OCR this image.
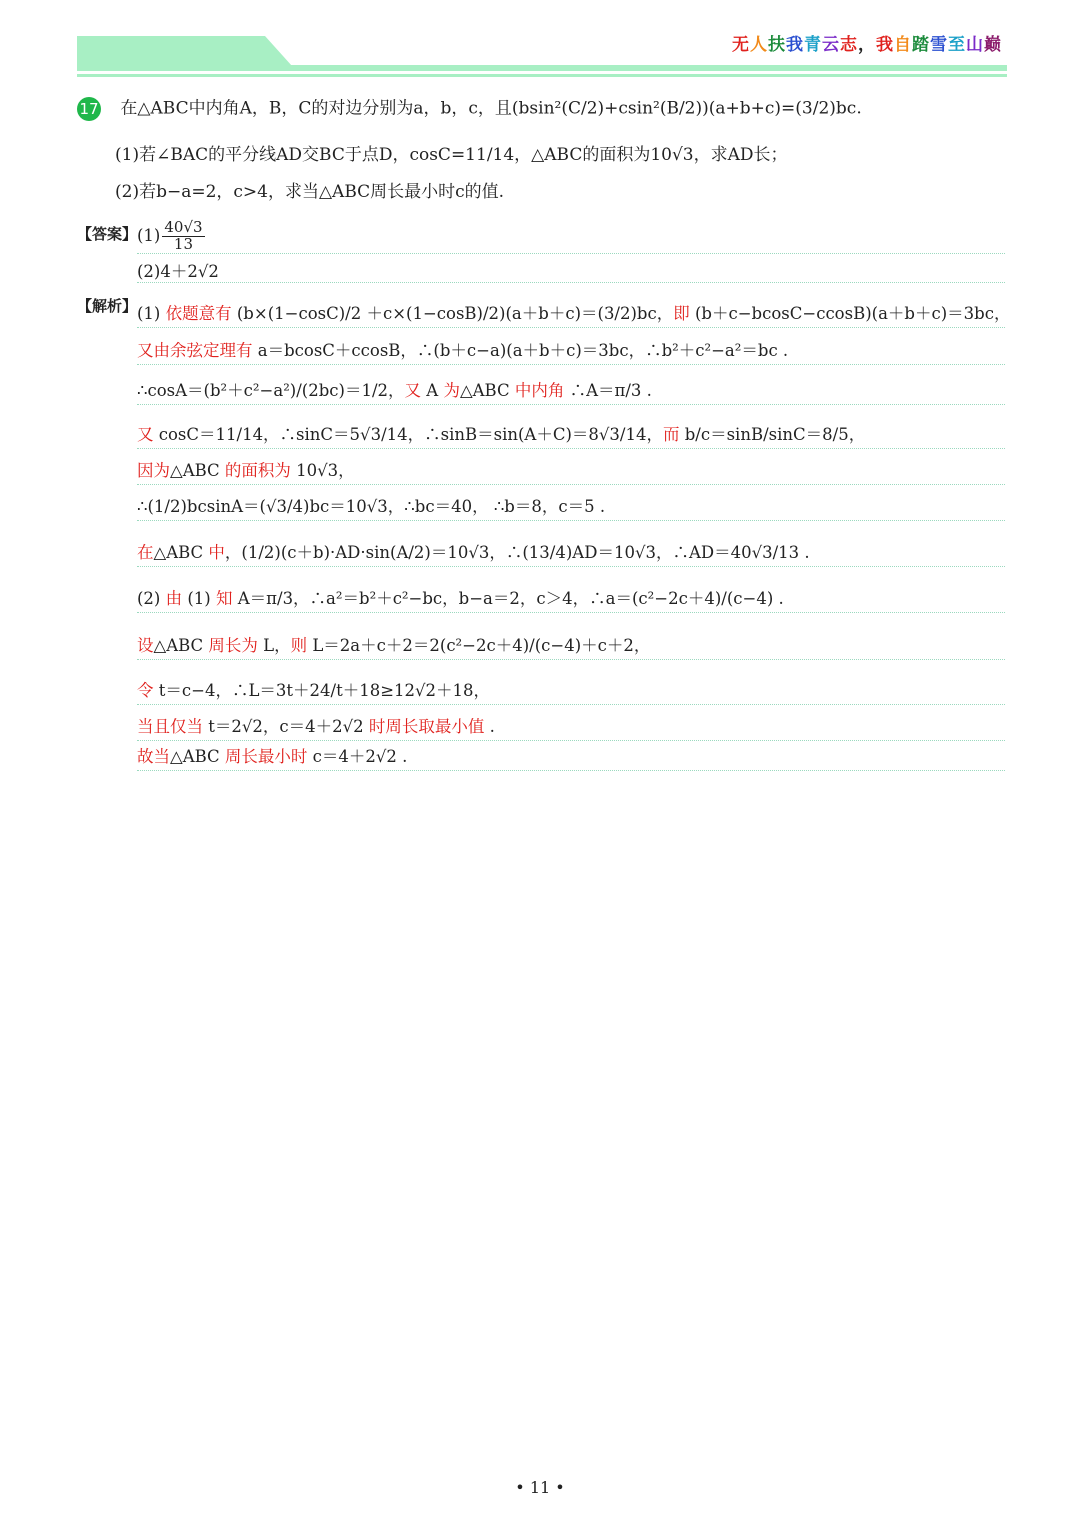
无人扶我青云志，我自踏雪至山巅
17 在△ABC中内角A，B，C的对边分别为a，b，c，且(bsin²(C/2)+csin²(B/2))(a+b+c)=(3/2)bc.
(1)若∠BAC的平分线AD交BC于点D，cosC=11/14，△ABC的面积为10√3，求AD长；
(2)若b−a=2，c>4，求当△ABC周长最小时c的值.
【答案】 $(1) \frac{40√3}{13}$
(2)4＋2√2
【解析】 (1) 依题意有 (b×(1−cosC)/2 ＋c×(1−cosB)/2)(a＋b＋c)＝(3/2)bc，即 (b＋c−bcosC−ccosB)(a＋b＋c)＝3bc，
又由余弦定理有 a＝bcosC＋ccosB，∴(b＋c−a)(a＋b＋c)＝3bc，∴b²＋c²−a²＝bc .
∴cosA＝(b²＋c²−a²)/(2bc)＝1/2，又 A 为△ABC 中内角 ∴A＝π/3 .
又 cosC＝11/14，∴sinC＝5√3/14，∴sinB＝sin(A＋C)＝8√3/14，而 b/c＝sinB/sinC＝8/5，
因为△ABC 的面积为 10√3，
∴(1/2)bcsinA＝(√3/4)bc＝10√3，∴bc＝40， ∴b＝8，c＝5 .
在△ABC 中，(1/2)(c＋b)·AD·sin(A/2)＝10√3，∴(13/4)AD＝10√3，∴AD＝40√3/13 .
(2) 由 (1) 知 A＝π/3，∴a²＝b²＋c²−bc，b−a＝2，c＞4，∴a＝(c²−2c＋4)/(c−4) .
设△ABC 周长为 L，则 L＝2a＋c＋2＝2(c²−2c＋4)/(c−4)＋c＋2，
令 t＝c−4，∴L＝3t＋24/t＋18≥12√2＋18，
当且仅当 t＝2√2，c＝4＋2√2 时周长取最小值 .
故当△ABC 周长最小时 c＝4＋2√2 .
• 11 •
